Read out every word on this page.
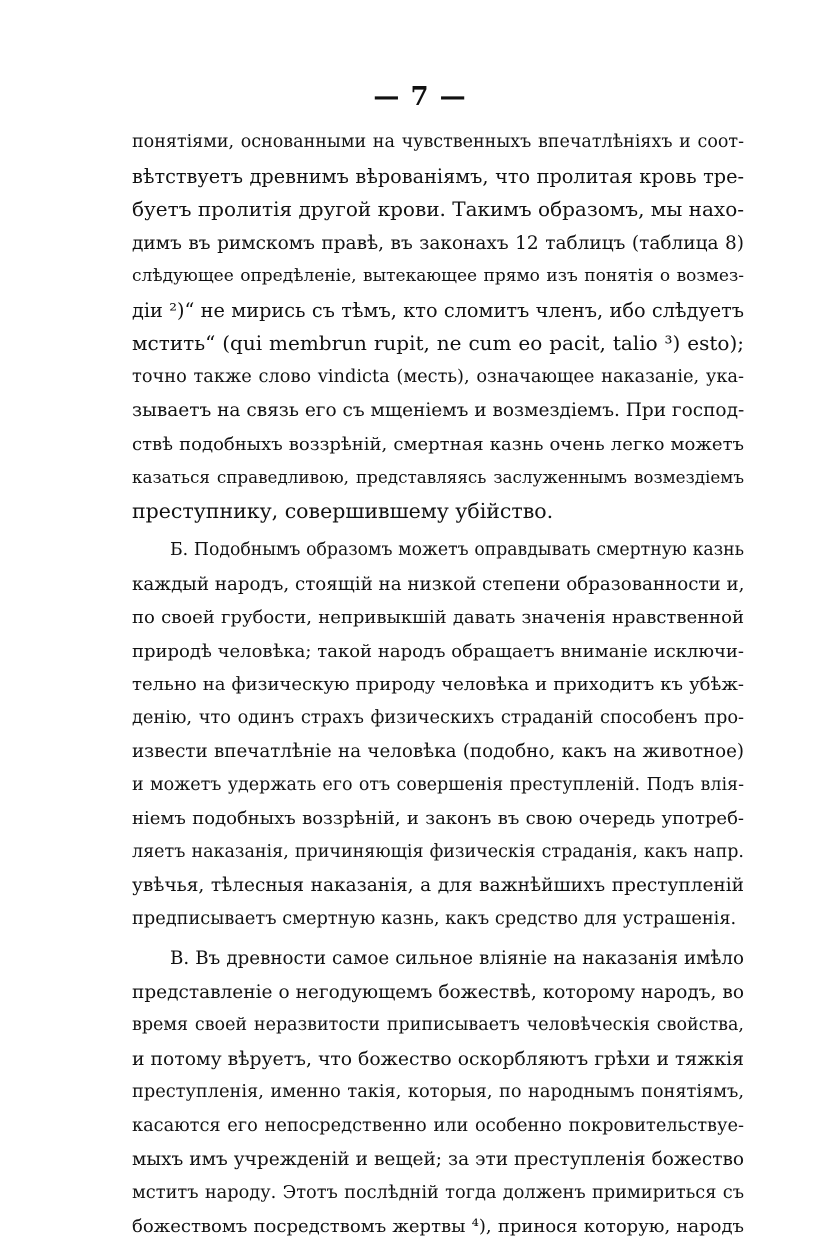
— 7 —
понятіями, основанными на чувственныхъ впечатлѣніяхъ и соот-
вѣтствуетъ древнимъ вѣрованіямъ, что пролитая кровь тре-
буетъ пролитія другой крови. Такимъ образомъ, мы нахо-
димъ въ римскомъ правѣ, въ законахъ 12 таблицъ (таблица 8)
слѣдующее опредѣленіе, вытекающее прямо изъ понятія о возмез-
діи ²)“ не мирись съ тѣмъ, кто сломитъ членъ, ибо слѣдуетъ
мстить“ (qui membrun rupit, ne cum eo pacit, talio ³) esto);
точно также слово vindicta (месть), означающее наказаніе, ука-
зываетъ на связь его съ мщеніемъ и возмездіемъ. При господ-
ствѣ подобныхъ воззрѣній, смертная казнь очень легко можетъ
казаться справедливою, представляясь заслуженнымъ возмездіемъ
преступнику, совершившему убійство.
Б. Подобнымъ образомъ можетъ оправдывать смертную казнь
каждый народъ, стоящій на низкой степени образованности и,
по своей грубости, непривыкшій давать значенія нравственной
природѣ человѣка; такой народъ обращаетъ вниманіе исключи-
тельно на физическую природу человѣка и приходитъ къ убѣж-
денію, что одинъ страхъ физическихъ страданій способенъ про-
извести впечатлѣніе на человѣка (подобно, какъ на животное)
и можетъ удержать его отъ совершенія преступленій. Подъ влія-
ніемъ подобныхъ воззрѣній, и законъ въ свою очередь употреб-
ляетъ наказанія, причиняющія физическія страданія, какъ напр.
увѣчья, тѣлесныя наказанія, а для важнѣйшихъ преступленій
предписываетъ смертную казнь, какъ средство для устрашенія.
В. Въ древности самое сильное вліяніе на наказанія имѣло
представленіе о негодующемъ божествѣ, которому народъ, во
время своей неразвитости приписываетъ человѣческія свойства,
и потому вѣруетъ, что божество оскорбляютъ грѣхи и тяжкія
преступленія, именно такія, которыя, по народнымъ понятіямъ,
касаются его непосредственно или особенно покровительствуе-
мыхъ имъ учрежденій и вещей; за эти преступленія божество
мститъ народу. Этотъ послѣдній тогда долженъ примириться съ
божествомъ посредствомъ жертвы ⁴), принося которую, народъ
